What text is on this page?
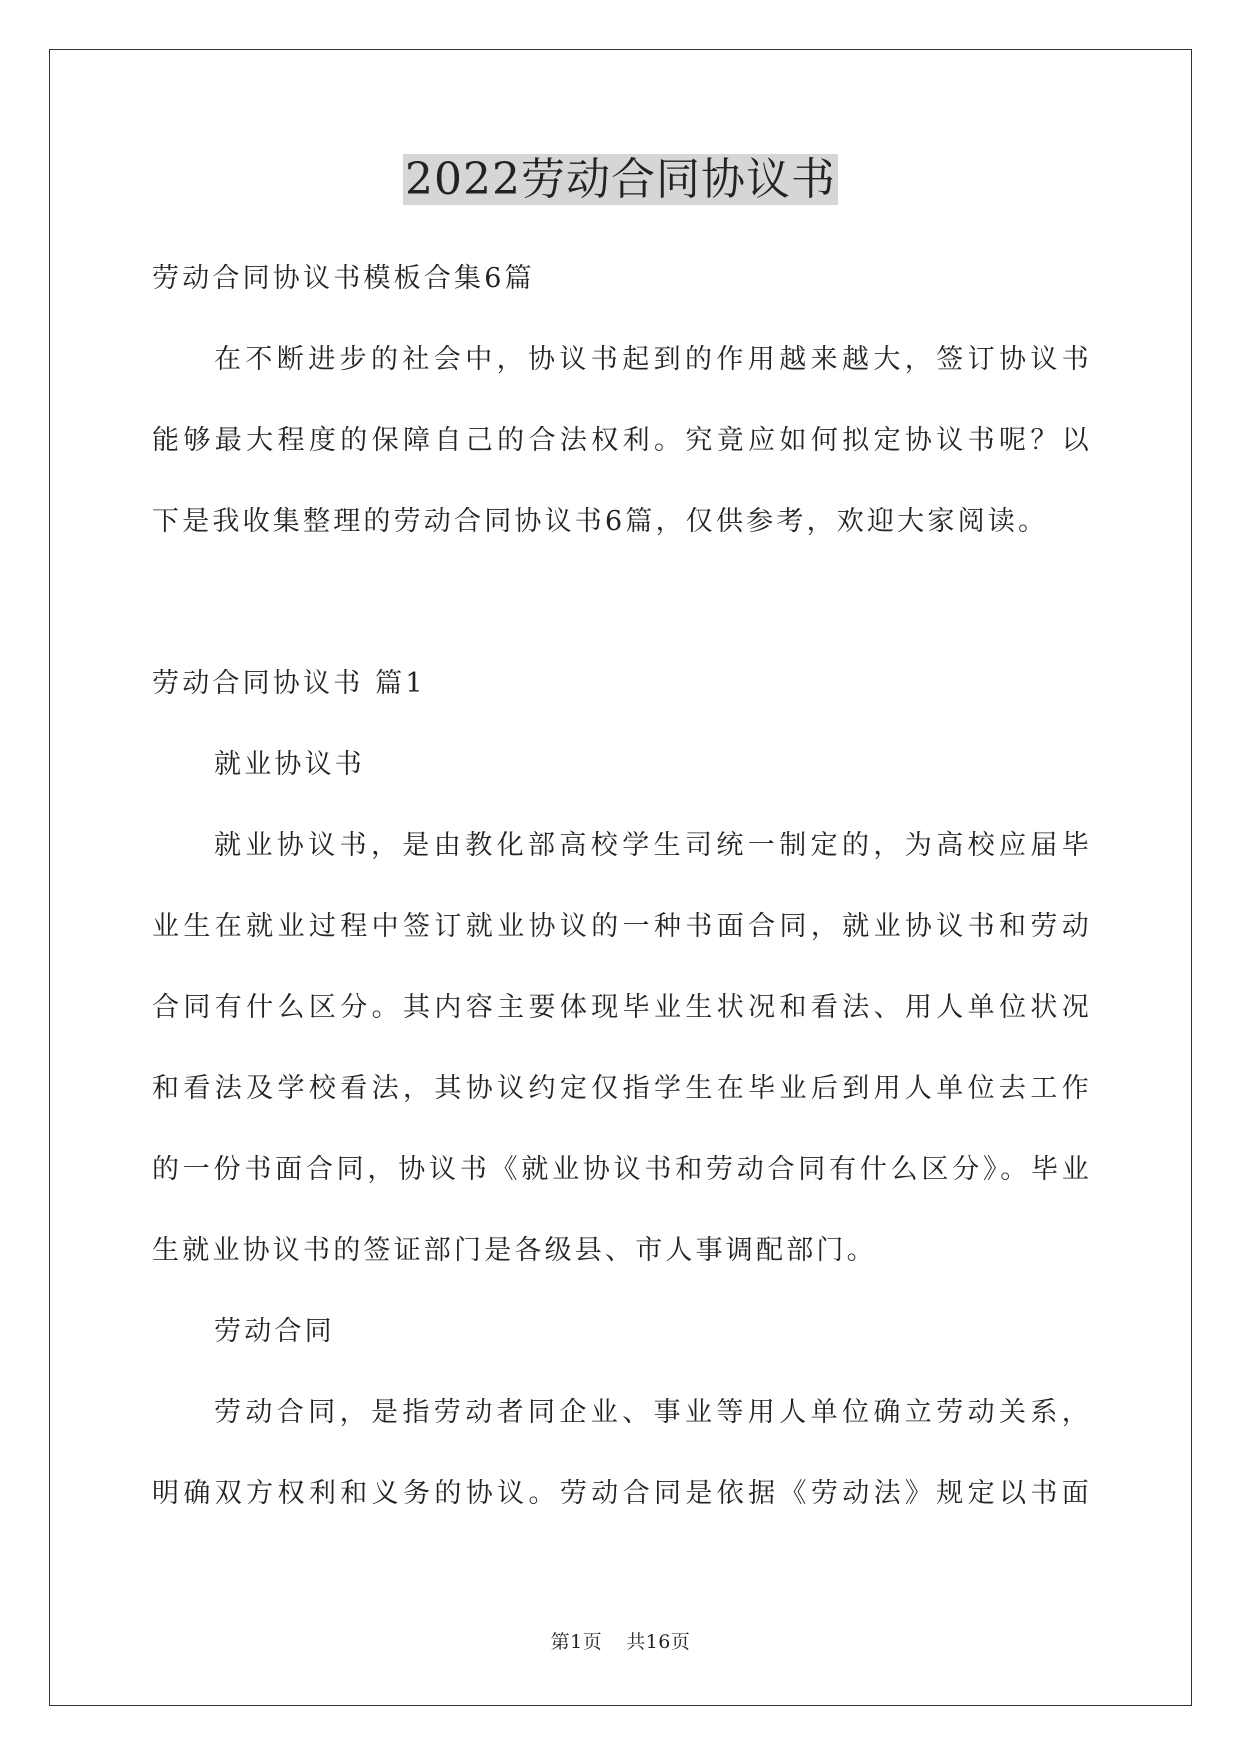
2022劳动合同协议书

劳动合同协议书模板合集6篇

在不断进步的社会中，协议书起到的作用越来越大，签订协议书

能够最大程度的保障自己的合法权利。究竟应如何拟定协议书呢？以

下是我收集整理的劳动合同协议书6篇，仅供参考，欢迎大家阅读。

劳动合同协议书 篇1

就业协议书

就业协议书，是由教化部高校学生司统一制定的，为高校应届毕

业生在就业过程中签订就业协议的一种书面合同，就业协议书和劳动

合同有什么区分。其内容主要体现毕业生状况和看法、用人单位状况

和看法及学校看法，其协议约定仅指学生在毕业后到用人单位去工作

的一份书面合同，协议书《就业协议书和劳动合同有什么区分》。毕业

生就业协议书的签证部门是各级县、市人事调配部门。

劳动合同

劳动合同，是指劳动者同企业、事业等用人单位确立劳动关系，

明确双方权利和义务的协议。劳动合同是依据《劳动法》规定以书面

第1页 共16页
